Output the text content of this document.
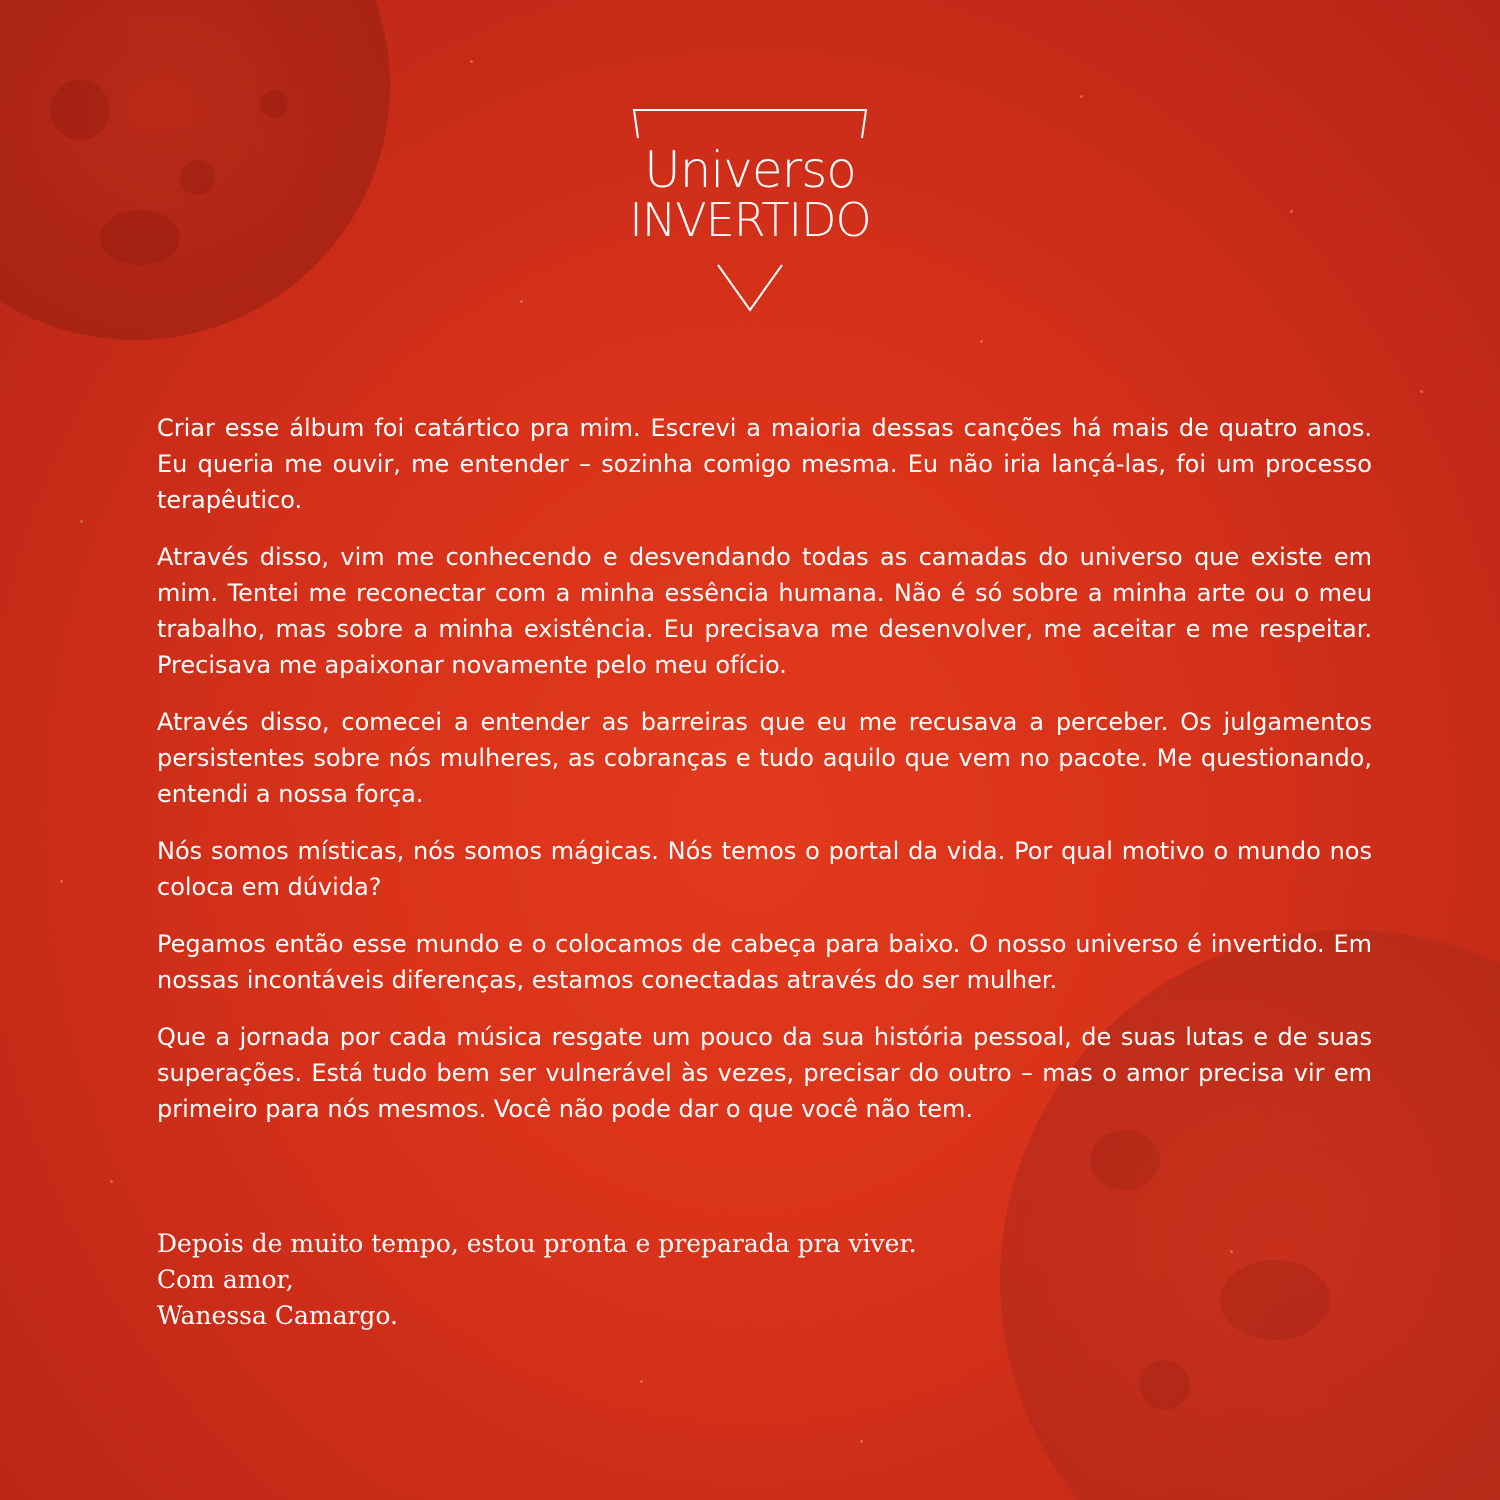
Universo
INVERTIDO

Criar esse álbum foi catártico pra mim. Escrevi a maioria dessas canções há mais de quatro anos. Eu queria me ouvir, me entender – sozinha comigo mesma. Eu não iria lançá-las, foi um processo terapêutico.

Através disso, vim me conhecendo e desvendando todas as camadas do universo que existe em mim. Tentei me reconectar com a minha essência humana. Não é só sobre a minha arte ou o meu trabalho, mas sobre a minha existência. Eu precisava me desenvolver, me aceitar e me respeitar. Precisava me apaixonar novamente pelo meu ofício.

Através disso, comecei a entender as barreiras que eu me recusava a perceber. Os julgamentos persistentes sobre nós mulheres, as cobranças e tudo aquilo que vem no pacote. Me questionando, entendi a nossa força.

Nós somos místicas, nós somos mágicas. Nós temos o portal da vida. Por qual motivo o mundo nos coloca em dúvida?

Pegamos então esse mundo e o colocamos de cabeça para baixo. O nosso universo é invertido. Em nossas incontáveis diferenças, estamos conectadas através do ser mulher.

Que a jornada por cada música resgate um pouco da sua história pessoal, de suas lutas e de suas superações. Está tudo bem ser vulnerável às vezes, precisar do outro – mas o amor precisa vir em primeiro para nós mesmos. Você não pode dar o que você não tem.

Depois de muito tempo, estou pronta e preparada pra viver.
Com amor,
Wanessa Camargo.
